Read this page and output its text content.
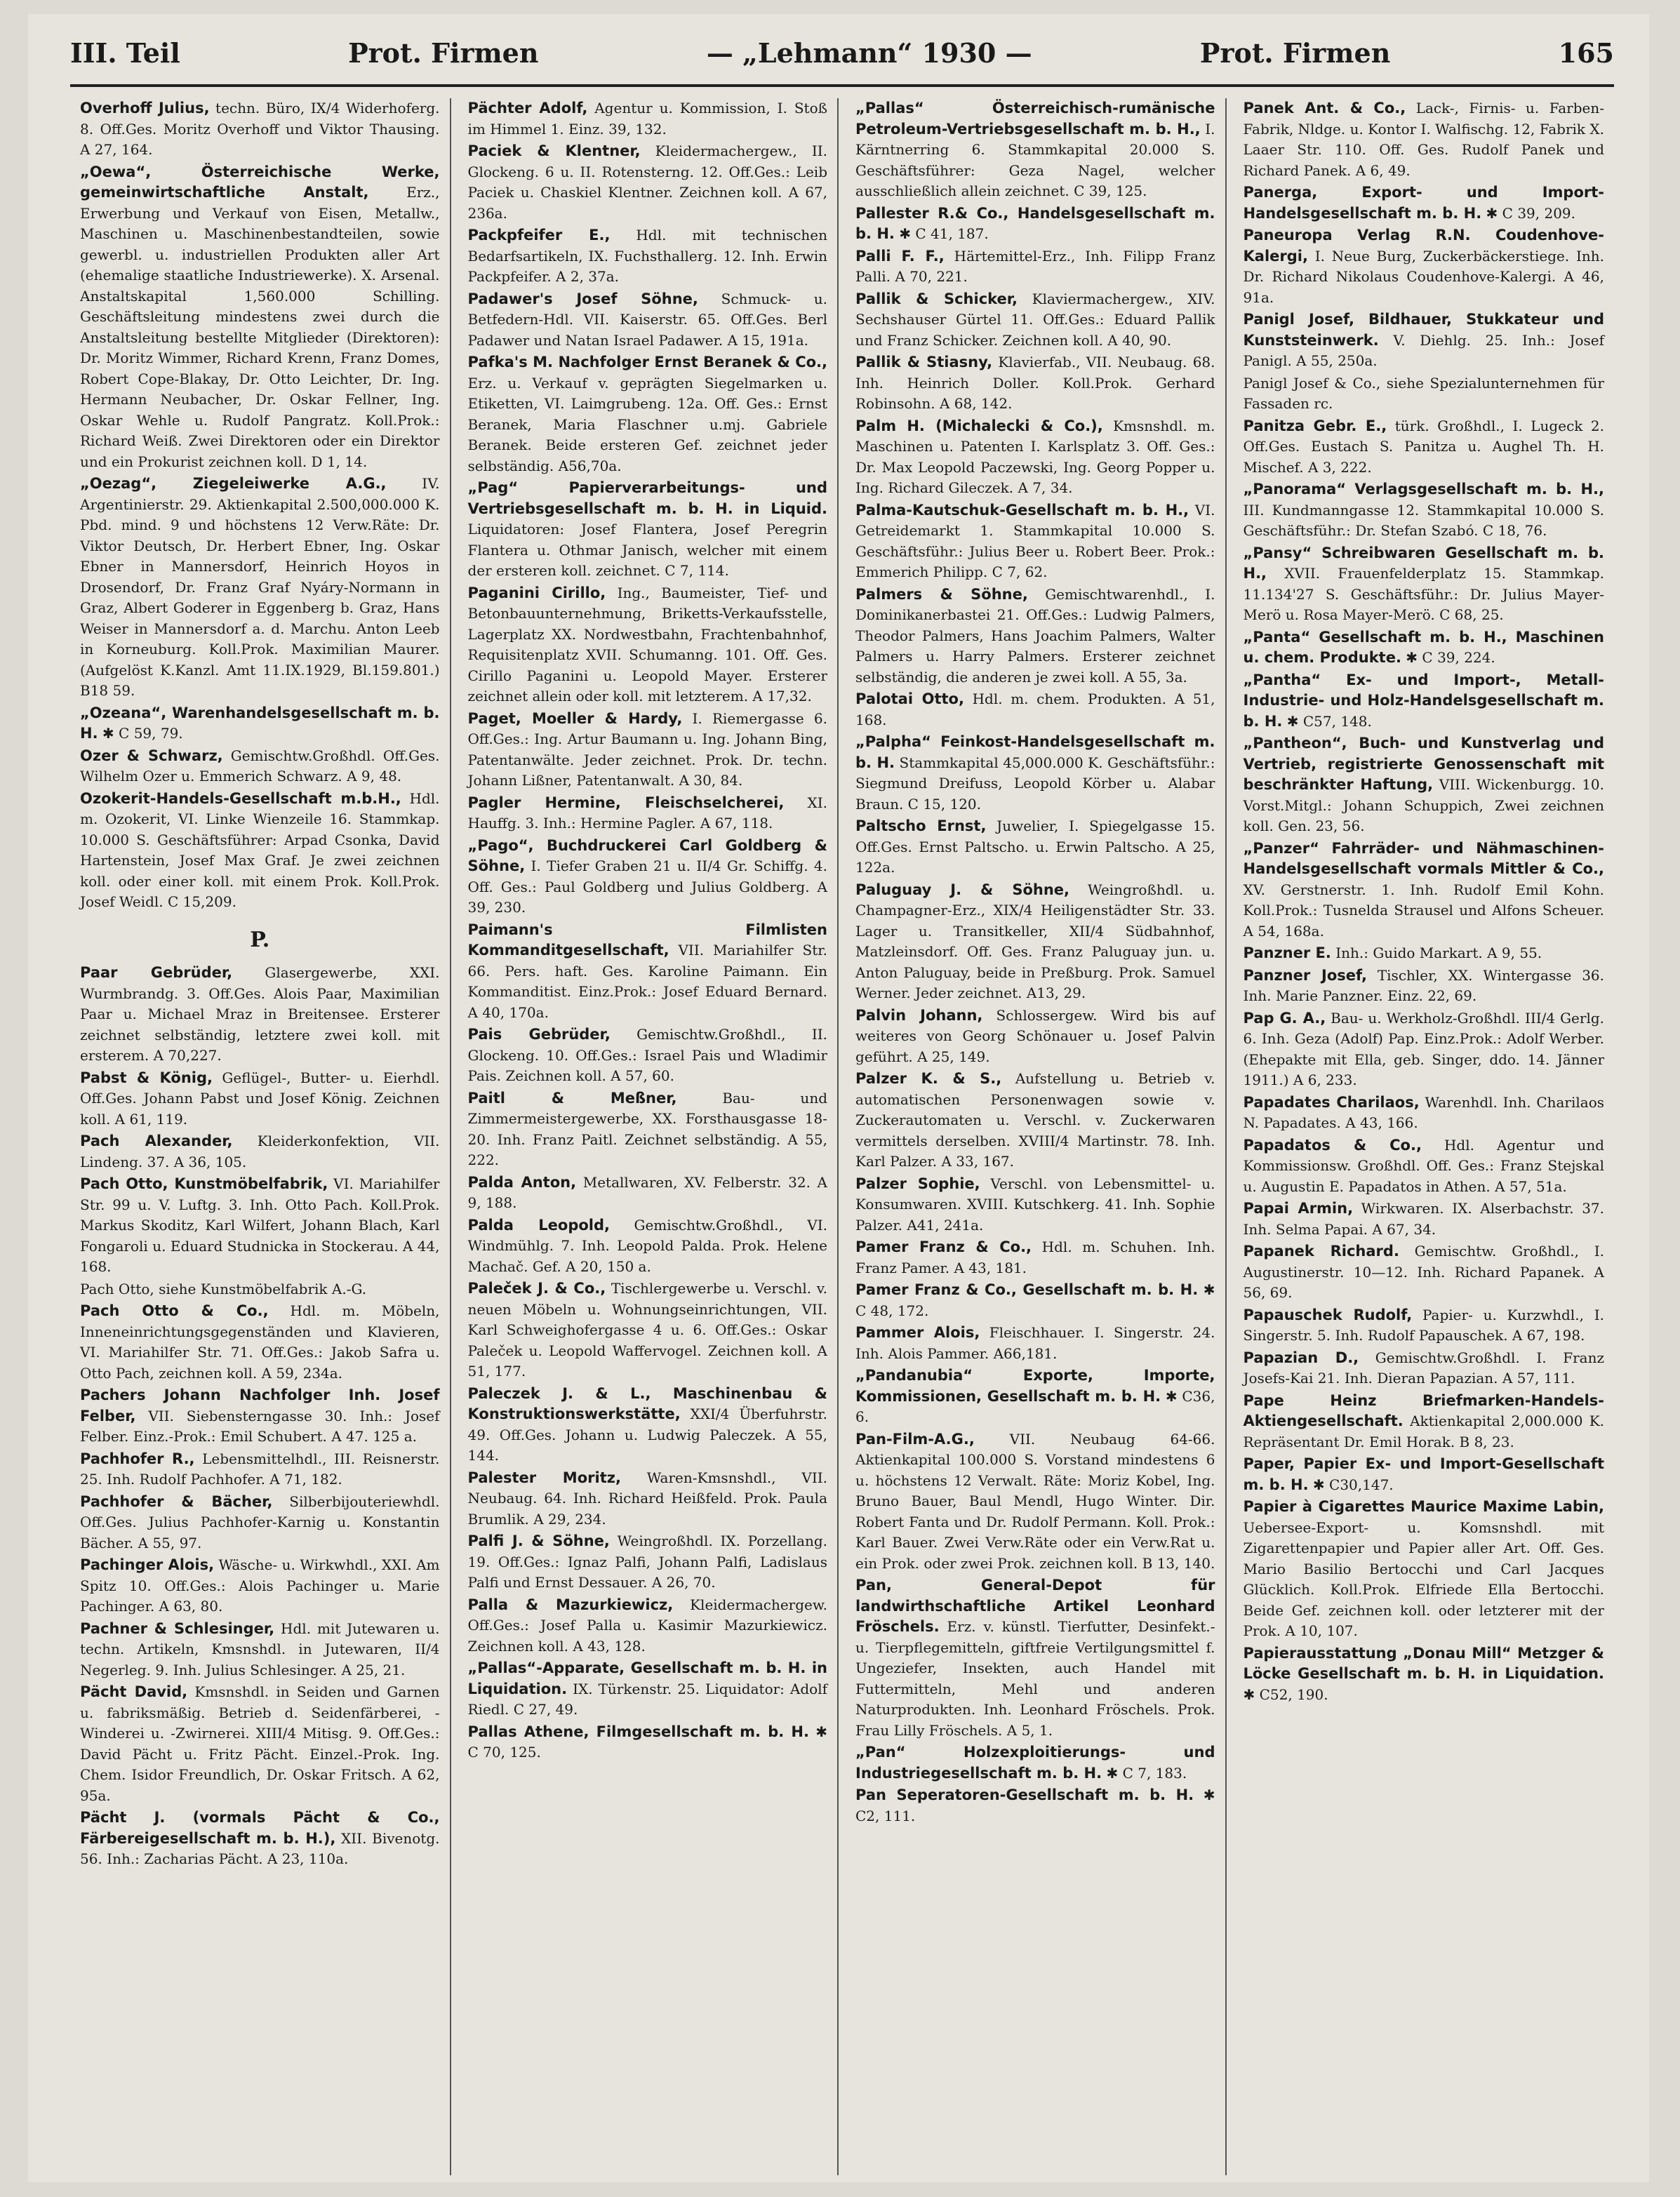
III. Teil	Prot. Firmen	— „Lehmann“ 1930 —	Prot. Firmen	165

Overhoff Julius, techn. Büro, IX/4 Widerhoferg. 8. Off.Ges. Moritz Overhoff und Viktor Thausing. A 27, 164.

„Oewa“, Österreichische Werke, gemeinwirtschaftliche Anstalt,	Erz., Erwerbung und Verkauf von Eisen, Metallw., Maschinen u. Maschinenbestandteilen, sowie gewerbl. u. industriellen Produkten aller Art (ehemalige staatliche Industriewerke). X. Arsenal. Anstaltskapital 1,560.000 Schilling. Geschäftsleitung mindestens zwei durch die Anstaltsleitung bestellte Mitglieder (Direktoren): Dr. Moritz Wimmer, Richard Krenn, Franz Domes, Robert Cope-Blakay, Dr. Otto Leichter, Dr. Ing. Hermann Neubacher, Dr. Oskar Fellner, Ing. Oskar Wehle u. Rudolf Pangratz. Koll.Prok.: Richard Weiß. Zwei Direktoren oder ein Direktor und ein Prokurist zeichnen koll. D 1, 14.

„Oezag“, Ziegeleiwerke A.G.,	IV. Argentinierstr. 29. Aktienkapital 2.500,000.000 K. Pbd. mind. 9 und höchstens 12 Verw.Räte: Dr. Viktor Deutsch, Dr. Herbert Ebner, Ing. Oskar Ebner in Mannersdorf, Heinrich Hoyos in Drosendorf, Dr. Franz Graf Nyáry-Normann in Graz, Albert Goderer in Eggenberg b. Graz, Hans Weiser in Mannersdorf a. d. Marchu. Anton Leeb in Korneuburg. Koll.Prok. Maximilian Maurer. (Aufgelöst K.Kanzl. Amt 11.IX.1929, Bl.159.801.) B18 59.

„Ozeana“, Warenhandelsgesellschaft m. b. H. ✱ C 59, 79.

Ozer & Schwarz, Gemischtw.Großhdl. Off.Ges. Wilhelm Ozer u. Emmerich Schwarz. A 9, 48.

Ozokerit-Handels-Gesellschaft m.b.H., Hdl. m. Ozokerit, VI. Linke Wienzeile 16. Stammkap. 10.000 S. Geschäftsführer: Arpad Csonka, David Hartenstein, Josef Max Graf. Je zwei zeichnen koll. oder einer koll. mit einem Prok. Koll.Prok. Josef Weidl. C 15,209.

P.

Paar Gebrüder, Glasergewerbe, XXI. Wurmbrandg. 3. Off.Ges. Alois Paar, Maximilian Paar u. Michael Mraz in Breitensee. Ersterer zeichnet selbständig, letztere zwei koll. mit ersterem. A 70,227.

Pabst & König, Geflügel-, Butter- u. Eierhdl. Off.Ges. Johann Pabst und Josef König. Zeichnen koll. A 61, 119.

Pach Alexander, Kleiderkonfektion, VII. Lindeng. 37. A 36, 105.

Pach Otto, Kunstmöbelfabrik, VI. Mariahilfer Str. 99 u. V. Luftg. 3. Inh. Otto Pach. Koll.Prok. Markus Skoditz, Karl Wilfert, Johann Blach, Karl Fongaroli u. Eduard Studnicka in Stockerau. A 44, 168.

Pach Otto, siehe Kunstmöbelfabrik A.-G.

Pach Otto & Co., Hdl. m. Möbeln, Inneneinrichtungsgegenständen und Klavieren, VI. Mariahilfer Str. 71. Off.Ges.: Jakob Safra u. Otto Pach, zeichnen koll. A 59, 234a.

Pachers Johann Nachfolger Inh. Josef Felber, VII. Siebensterngasse 30. Inh.: Josef Felber. Einz.-Prok.: Emil Schubert. A 47. 125 a.

Pachhofer R., Lebensmittelhdl., III. Reisnerstr. 25. Inh. Rudolf Pachhofer. A 71, 182.

Pachhofer & Bächer, Silberbijouteriewhdl. Off.Ges. Julius Pachhofer-Karnig u. Konstantin Bächer. A 55, 97.

Pachinger Alois, Wäsche- u. Wirkwhdl., XXI. Am Spitz 10. Off.Ges.: Alois Pachinger u. Marie Pachinger. A 63, 80.

Pachner & Schlesinger, Hdl. mit Jutewaren u. techn. Artikeln, Kmsnshdl. in Jutewaren, II/4 Negerleg. 9. Inh. Julius Schlesinger. A 25, 21.

Pächt David, Kmsnshdl. in Seiden und Garnen u. fabriksmäßig. Betrieb d. Seidenfärberei, -Winderei u. -Zwirnerei. XIII/4 Mitisg. 9. Off.Ges.: David Pächt u. Fritz Pächt. Einzel.-Prok. Ing. Chem. Isidor Freundlich, Dr. Oskar Fritsch. A 62, 95a.

Pächt J. (vormals Pächt & Co., Färbereigesellschaft m. b. H.), XII. Bivenotg. 56. Inh.: Zacharias Pächt. A 23, 110a.

Pächter Adolf, Agentur u. Kommission, I. Stoß im Himmel 1. Einz. 39, 132.

Paciek & Klentner, Kleidermachergew., II. Glockeng. 6 u. II. Rotensterng. 12. Off.Ges.: Leib Paciek u. Chaskiel Klentner. Zeichnen koll. A 67, 236a.

Packpfeifer E., Hdl. mit technischen Bedarfsartikeln, IX. Fuchsthallerg. 12. Inh. Erwin Packpfeifer. A 2, 37a.

Padawer's Josef Söhne, Schmuck- u. Betfedern-Hdl. VII. Kaiserstr. 65. Off.Ges. Berl Padawer und Natan Israel Padawer. A 15, 191a.

Pafka's M. Nachfolger Ernst Beranek & Co., Erz. u. Verkauf v. geprägten Siegelmarken u. Etiketten, VI. Laimgrubeng. 12a. Off. Ges.: Ernst Beranek, Maria Flaschner u.mj. Gabriele Beranek. Beide ersteren Gef. zeichnet jeder selbständig. A56,70a.

„Pag“ Papierverarbeitungs- und Vertriebsgesellschaft m. b. H. in Liquid. Liquidatoren: Josef Flantera, Josef Peregrin Flantera u. Othmar Janisch, welcher mit einem der ersteren koll. zeichnet. C 7, 114.

Paganini Cirillo, Ing., Baumeister, Tief- und Betonbauunternehmung, Briketts-Verkaufsstelle, Lagerplatz XX. Nordwestbahn, Frachtenbahnhof, Requisitenplatz XVII. Schumanng. 101. Off. Ges. Cirillo Paganini u. Leopold Mayer. Ersterer zeichnet allein oder koll. mit letzterem. A 17,32.

Paget, Moeller & Hardy, I. Riemergasse 6. Off.Ges.: Ing. Artur Baumann u. Ing. Johann Bing, Patentanwälte. Jeder zeichnet. Prok. Dr. techn. Johann Lißner, Patentanwalt. A 30, 84.

Pagler Hermine, Fleischselcherei, XI. Hauffg. 3. Inh.: Hermine Pagler. A 67, 118.

„Pago“, Buchdruckerei Carl Goldberg & Söhne, I. Tiefer Graben 21 u. II/4 Gr. Schiffg. 4. Off. Ges.: Paul Goldberg und Julius Goldberg. A 39, 230.

Paimann's Filmlisten Kommanditgesellschaft, VII. Mariahilfer Str. 66. Pers. haft. Ges. Karoline Paimann. Ein Kommanditist. Einz.Prok.: Josef Eduard Bernard. A 40, 170a.

Pais Gebrüder, Gemischtw.Großhdl., II. Glockeng. 10. Off.Ges.: Israel Pais und Wladimir Pais. Zeichnen koll. A 57, 60.

Paitl & Meßner,	Bau- und Zimmermeistergewerbe, XX. Forsthausgasse 18-20. Inh. Franz Paitl. Zeichnet selbständig. A 55, 222.

Palda Anton, Metallwaren, XV. Felberstr. 32. A 9, 188.

Palda Leopold, Gemischtw.Großhdl., VI. Windmühlg. 7. Inh. Leopold Palda. Prok. Helene Machač. Gef. A 20, 150 a.

Paleček J. & Co., Tischlergewerbe u. Verschl. v. neuen Möbeln u. Wohnungseinrichtungen, VII. Karl Schweighofergasse 4 u. 6. Off.Ges.: Oskar Paleček u. Leopold Waffervogel. Zeichnen koll. A 51, 177.

Paleczek J. & L., Maschinenbau & Konstruktionswerkstätte, XXI/4 Überfuhrstr. 49. Off.Ges. Johann u. Ludwig Paleczek. A 55, 144.

Palester Moritz, Waren-Kmsnshdl., VII. Neubaug. 64. Inh. Richard Heißfeld. Prok. Paula Brumlik. A 29, 234.

Palfi J. & Söhne, Weingroßhdl. IX. Porzellang. 19. Off.Ges.: Ignaz Palfi, Johann Palfi, Ladislaus Palfi und Ernst Dessauer. A 26, 70.

Palla & Mazurkiewicz, Kleidermachergew. Off.Ges.: Josef Palla u. Kasimir Mazurkiewicz. Zeichnen koll. A 43, 128.

„Pallas“-Apparate, Gesellschaft m. b. H. in Liquidation. IX. Türkenstr. 25. Liquidator: Adolf Riedl. C 27, 49.

Pallas Athene, Filmgesellschaft m. b. H. ✱ C 70, 125.

„Pallas“ Österreichisch-rumänische Petroleum-Vertriebsgesellschaft m. b. H., I. Kärntnerring 6. Stammkapital 20.000 S. Geschäftsführer: Geza Nagel, welcher ausschließlich allein zeichnet. C 39, 125.

Pallester R.& Co., Handelsgesellschaft m. b. H. ✱ C 41, 187.

Palli F. F., Härtemittel-Erz., Inh. Filipp Franz Palli. A 70, 221.

Pallik & Schicker, Klaviermachergew., XIV. Sechshauser Gürtel 11. Off.Ges.: Eduard Pallik und Franz Schicker. Zeichnen koll. A 40, 90.

Pallik & Stiasny, Klavierfab., VII. Neubaug. 68. Inh. Heinrich Doller. Koll.Prok. Gerhard Robinsohn. A 68, 142.

Palm H. (Michalecki & Co.), Kmsnshdl. m. Maschinen u. Patenten I. Karlsplatz 3. Off. Ges.: Dr. Max Leopold Paczewski, Ing. Georg Popper u. Ing. Richard Gileczek. A 7, 34.

Palma-Kautschuk-Gesellschaft m. b. H., VI. Getreidemarkt 1. Stammkapital 10.000 S. Geschäftsführ.: Julius Beer u. Robert Beer. Prok.: Emmerich Philipp. C 7, 62.

Palmers & Söhne, Gemischtwarenhdl., I. Dominikanerbastei 21. Off.Ges.: Ludwig Palmers, Theodor Palmers, Hans Joachim Palmers, Walter Palmers u. Harry Palmers. Ersterer zeichnet selbständig, die anderen je zwei koll. A 55, 3a.

Palotai Otto, Hdl. m. chem. Produkten. A 51, 168.

„Palpha“ Feinkost-Handelsgesellschaft m. b. H. Stammkapital 45,000.000 K. Geschäftsführ.: Siegmund Dreifuss, Leopold Körber u. Alabar Braun. C 15, 120.

Paltscho Ernst, Juwelier, I. Spiegelgasse 15. Off.Ges. Ernst Paltscho. u. Erwin Paltscho. A 25, 122a.

Paluguay J. & Söhne, Weingroßhdl. u. Champagner-Erz., XIX/4 Heiligenstädter Str. 33. Lager u. Transitkeller, XII/4 Südbahnhof, Matzleinsdorf. Off. Ges. Franz Paluguay jun. u. Anton Paluguay, beide in Preßburg. Prok. Samuel Werner. Jeder zeichnet. A13, 29.

Palvin Johann, Schlossergew. Wird bis auf weiteres von Georg Schönauer u. Josef Palvin geführt. A 25, 149.

Palzer K. & S., Aufstellung u. Betrieb v. automatischen Personenwagen sowie v. Zuckerautomaten u. Verschl. v. Zuckerwaren vermittels derselben. XVIII/4 Martinstr. 78. Inh. Karl Palzer. A 33, 167.

Palzer Sophie, Verschl. von Lebensmittel- u. Konsumwaren. XVIII. Kutschkerg. 41. Inh. Sophie Palzer. A41, 241a.

Pamer Franz & Co., Hdl. m. Schuhen. Inh. Franz Pamer. A 43, 181.

Pamer Franz & Co., Gesellschaft m. b. H. ✱ C 48, 172.

Pammer Alois, Fleischhauer. I. Singerstr. 24. Inh. Alois Pammer. A66,181.

„Pandanubia“ Exporte, Importe, Kommissionen, Gesellschaft m. b. H. ✱ C36, 6.

Pan-Film-A.G., VII. Neubaug 64-66. Aktienkapital 100.000 S. Vorstand mindestens 6 u. höchstens 12 Verwalt. Räte: Moriz Kobel, Ing. Bruno Bauer, Baul Mendl, Hugo Winter. Dir. Robert Fanta und Dr. Rudolf Permann. Koll. Prok.: Karl Bauer. Zwei Verw.Räte oder ein Verw.Rat u. ein Prok. oder zwei Prok. zeichnen koll. B 13, 140.

Pan, General-Depot für landwirthschaftliche Artikel Leonhard Fröschels. Erz. v. künstl. Tierfutter, Desinfekt.- u. Tierpflegemitteln, giftfreie Vertilgungsmittel f. Ungeziefer, Insekten, auch Handel mit Futtermitteln, Mehl und anderen Naturprodukten. Inh. Leonhard Fröschels. Prok. Frau Lilly Fröschels. A 5, 1.

„Pan“ Holzexploitierungs- und Industriegesellschaft m. b. H. ✱ C 7, 183.

Pan Seperatoren-Gesellschaft m. b. H. ✱ C2, 111.

Panek Ant. & Co., Lack-, Firnis- u. Farben-Fabrik, Nldge. u. Kontor I. Walfischg. 12, Fabrik X. Laaer Str. 110. Off. Ges. Rudolf Panek und Richard Panek. A 6, 49.

Panerga, Export- und Import-Handelsgesellschaft m. b. H. ✱ C 39, 209.

Paneuropa Verlag R.N. Coudenhove-Kalergi, I. Neue Burg, Zuckerbäckerstiege. Inh. Dr. Richard Nikolaus Coudenhove-Kalergi. A 46, 91a.

Panigl Josef, Bildhauer, Stukkateur und Kunststeinwerk. V. Diehlg. 25. Inh.: Josef Panigl. A 55, 250a.

Panigl Josef & Co., siehe Spezialunternehmen für Fassaden rc.

Panitza Gebr. E., türk. Großhdl., I. Lugeck 2. Off.Ges. Eustach S. Panitza u. Aughel Th. H. Mischef. A 3, 222.

„Panorama“ Verlagsgesellschaft m. b. H., III. Kundmanngasse 12. Stammkapital 10.000 S. Geschäftsführ.: Dr. Stefan Szabó. C 18, 76.

„Pansy“ Schreibwaren Gesellschaft m. b. H., XVII. Frauenfelderplatz 15. Stammkap. 11.134'27 S. Geschäftsführ.: Dr. Julius Mayer-Merö u. Rosa Mayer-Merö. C 68, 25.

„Panta“ Gesellschaft m. b. H., Maschinen u. chem. Produkte. ✱ C 39, 224.

„Pantha“ Ex- und Import-, Metall-Industrie- und Holz-Handelsgesellschaft m. b. H. ✱ C57, 148.

„Pantheon“, Buch- und Kunstverlag und Vertrieb, registrierte Genossenschaft mit beschränkter Haftung, VIII. Wickenburgg. 10. Vorst.Mitgl.: Johann Schuppich, Zwei zeichnen koll. Gen. 23, 56.

„Panzer“ Fahrräder- und Nähmaschinen-Handelsgesellschaft vormals Mittler & Co., XV. Gerstnerstr. 1. Inh. Rudolf Emil Kohn. Koll.Prok.: Tusnelda Strausel und Alfons Scheuer. A 54, 168a.

Panzner E. Inh.: Guido Markart. A 9, 55.

Panzner Josef, Tischler, XX. Wintergasse 36. Inh. Marie Panzner. Einz. 22, 69.

Pap G. A., Bau- u. Werkholz-Großhdl. III/4 Gerlg. 6. Inh. Geza (Adolf) Pap. Einz.Prok.: Adolf Werber. (Ehepakte mit Ella, geb. Singer, ddo. 14. Jänner 1911.) A 6, 233.

Papadates Charilaos, Warenhdl. Inh. Charilaos N. Papadates. A 43, 166.

Papadatos & Co., Hdl. Agentur und Kommissionsw. Großhdl. Off. Ges.: Franz Stejskal u. Augustin E. Papadatos in Athen. A 57, 51a.

Papai Armin, Wirkwaren. IX. Alserbachstr. 37. Inh. Selma Papai. A 67, 34.

Papanek Richard. Gemischtw. Großhdl., I. Augustinerstr. 10—12. Inh. Richard Papanek. A 56, 69.

Papauschek Rudolf, Papier- u. Kurzwhdl., I. Singerstr. 5. Inh. Rudolf Papauschek. A 67, 198.

Papazian D., Gemischtw.Großhdl. I. Franz Josefs-Kai 21. Inh. Dieran Papazian. A 57, 111.

Pape Heinz Briefmarken-Handels-Aktiengesellschaft. Aktienkapital 2,000.000 K. Repräsentant Dr. Emil Horak. B 8, 23.

Paper, Papier Ex- und Import-Gesellschaft m. b. H. ✱ C30,147.

Papier à Cigarettes Maurice Maxime Labin, Uebersee-Export- u. Komsnshdl. mit Zigarettenpapier und Papier aller Art. Off. Ges. Mario Basilio Bertocchi und Carl Jacques Glücklich. Koll.Prok. Elfriede Ella Bertocchi. Beide Gef. zeichnen koll. oder letzterer mit der Prok. A 10, 107.

Papierausstattung „Donau Mill“ Metzger & Löcke Gesellschaft m. b. H. in Liquidation. ✱ C52, 190.
